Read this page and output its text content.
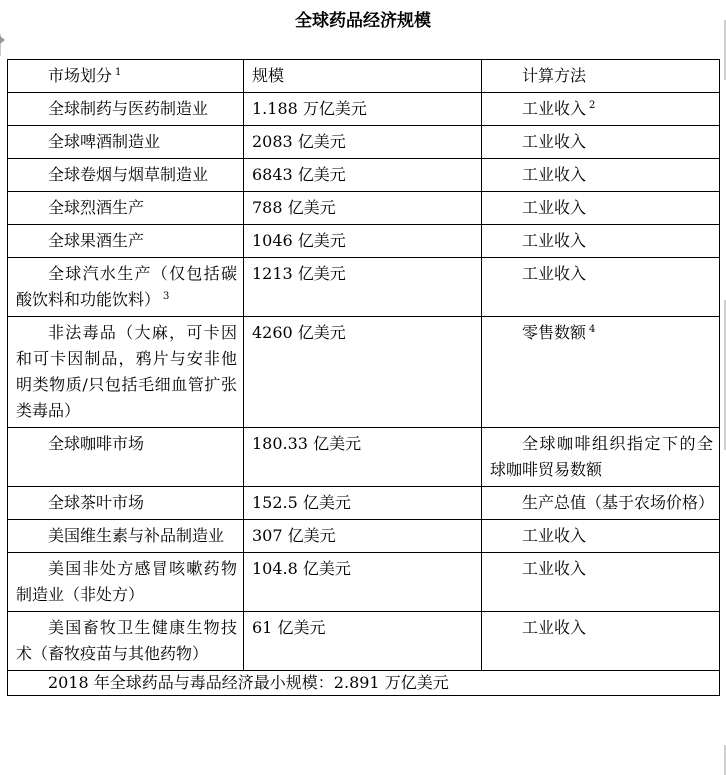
全球药品经济规模
市场划分 $^1$	规模	计算方法
全球制药与医药制造业	1.188 万亿美元	工业收入 $^2$
全球啤酒制造业	2083 亿美元	工业收入
全球卷烟与烟草制造业	6843 亿美元	工业收入
全球烈酒生产	788 亿美元	工业收入
全球果酒生产	1046 亿美元	工业收入
全球汽水生产（仅包括碳酸饮料和功能饮料） $^3$	1213 亿美元	工业收入
非法毒品（大麻，可卡因和可卡因制品，鸦片与安非他明类物质/只包括毛细血管扩张类毒品）	4260 亿美元	零售数额 $^4$
全球咖啡市场	180.33 亿美元	全球咖啡组织指定下的全球咖啡贸易数额
全球茶叶市场	152.5 亿美元	生产总值（基于农场价格）
美国维生素与补品制造业	307 亿美元	工业收入
美国非处方感冒咳嗽药物制造业（非处方）	104.8 亿美元	工业收入
美国畜牧卫生健康生物技术（畜牧疫苗与其他药物）	61 亿美元	工业收入
2018 年全球药品与毒品经济最小规模：2.891 万亿美元		
